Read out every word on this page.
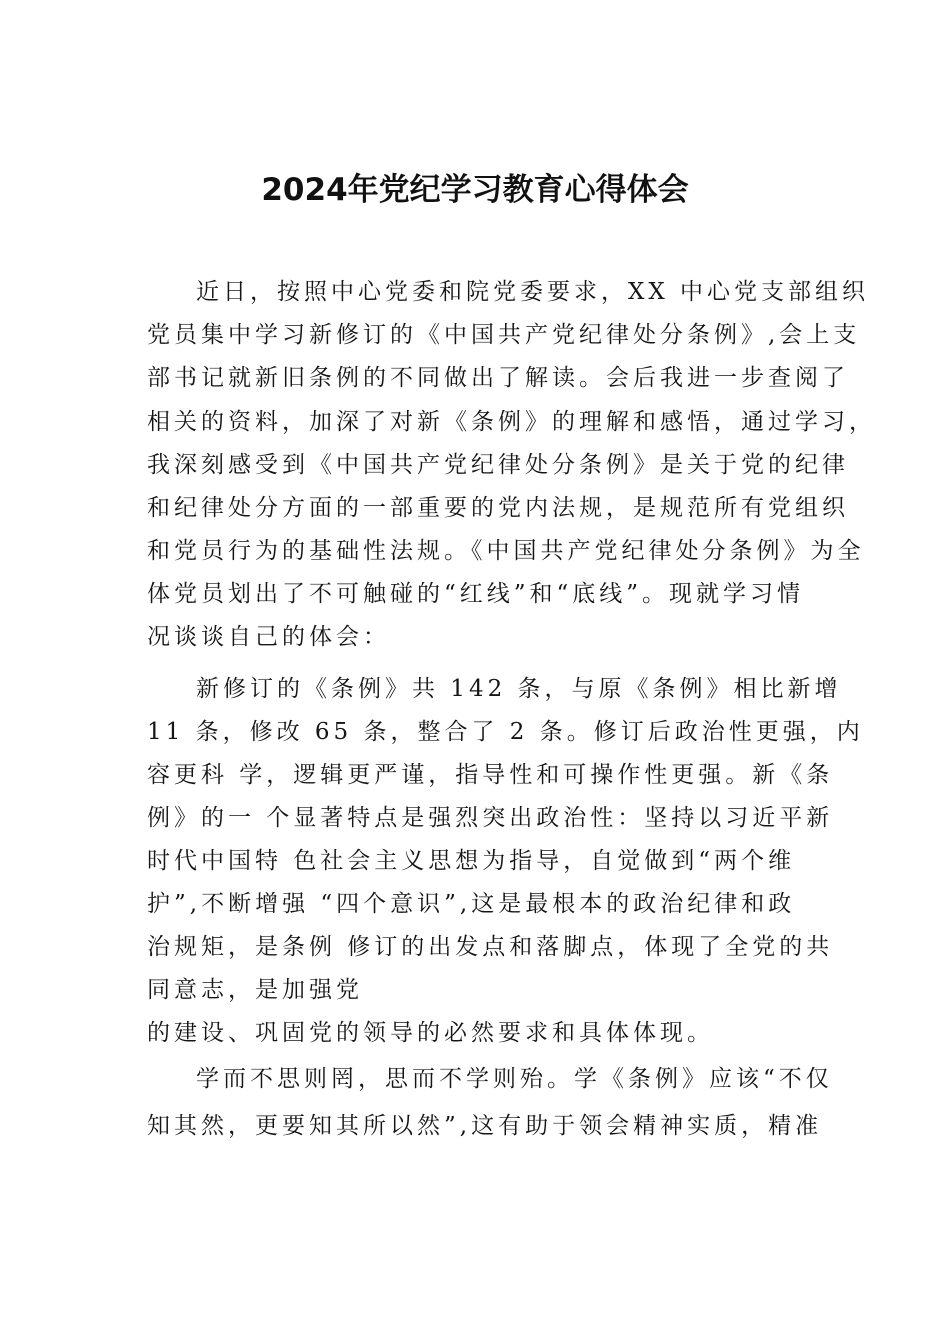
2024年党纪学习教育心得体会
近日，按照中心党委和院党委要求，XX 中心党支部组织
党员集中学习新修订的《中国共产党纪律处分条例》,会上支
部书记就新旧条例的不同做出了解读。会后我进一步查阅了
相关的资料，加深了对新《条例》的理解和感悟，通过学习，
我深刻感受到《中国共产党纪律处分条例》是关于党的纪律
和纪律处分方面的一部重要的党内法规，是规范所有党组织
和党员行为的基础性法规。《中国共产党纪律处分条例》为全
体党员划出了不可触碰的“红线”和“底线”。现就学习情
况谈谈自己的体会：
新修订的《条例》共 142 条，与原《条例》相比新增
11 条，修改 65 条，整合了 2 条。修订后政治性更强，内
容更科 学，逻辑更严谨，指导性和可操作性更强。新《条
例》的一 个显著特点是强烈突出政治性：坚持以习近平新
时代中国特 色社会主义思想为指导，自觉做到“两个维
护”,不断增强 “四个意识”,这是最根本的政治纪律和政
治规矩，是条例 修订的出发点和落脚点，体现了全党的共
同意志，是加强党
的建设、巩固党的领导的必然要求和具体体现。
学而不思则罔，思而不学则殆。学《条例》应该“不仅
知其然，更要知其所以然”,这有助于领会精神实质，精准
